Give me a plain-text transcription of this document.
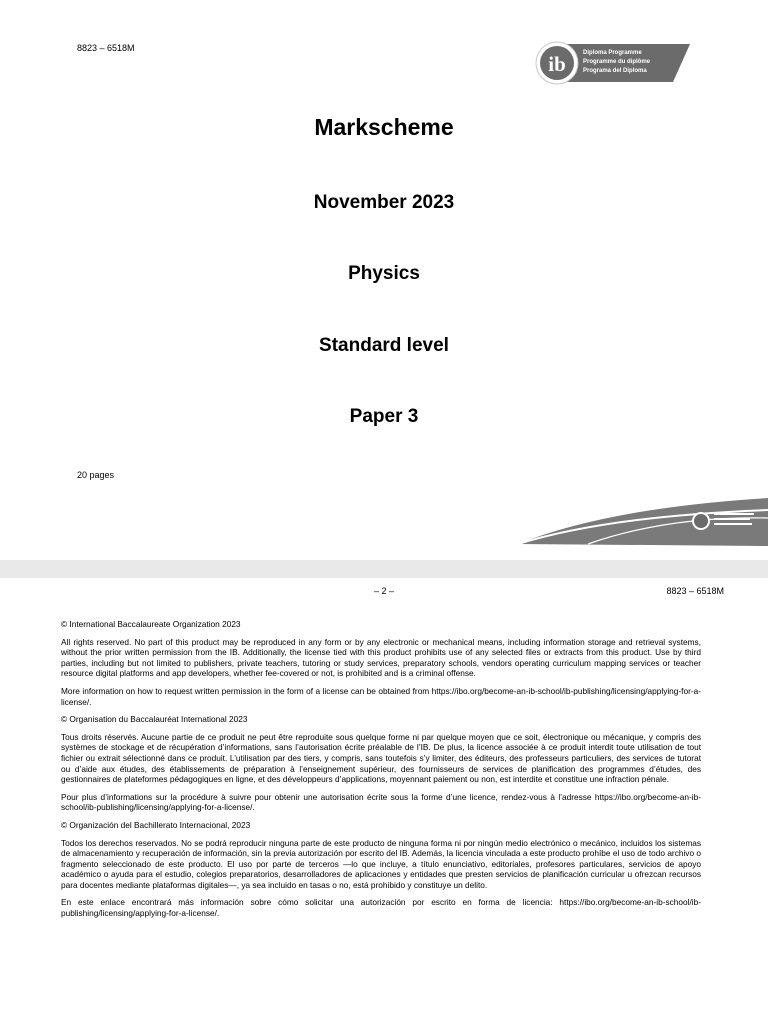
8823 – 6518M
ib	Diploma Programme
Programme du diplôme
Programa del Diploma
Markscheme
November 2023
Physics
Standard level
Paper 3
20 pages
– 2 –	8823 – 6518M

© International Baccalaureate Organization 2023

All rights reserved. No part of this product may be reproduced in any form or by any electronic or mechanical means, including information storage and retrieval systems, without the prior written permission from the IB. Additionally, the license tied with this product prohibits use of any selected files or extracts from this product. Use by third parties, including but not limited to publishers, private teachers, tutoring or study services, preparatory schools, vendors operating curriculum mapping services or teacher resource digital platforms and app developers, whether fee-covered or not, is prohibited and is a criminal offense.

More information on how to request written permission in the form of a license can be obtained from https://ibo.org/become-an-ib-school/ib-publishing/licensing/applying-for-a-license/.

© Organisation du Baccalauréat International 2023

Tous droits réservés. Aucune partie de ce produit ne peut être reproduite sous quelque forme ni par quelque moyen que ce soit, électronique ou mécanique, y compris des systèmes de stockage et de récupération d’informations, sans l’autorisation écrite préalable de l’IB. De plus, la licence associée à ce produit interdit toute utilisation de tout fichier ou extrait sélectionné dans ce produit. L’utilisation par des tiers, y compris, sans toutefois s’y limiter, des éditeurs, des professeurs particuliers, des services de tutorat ou d’aide aux études, des établissements de préparation à l’enseignement supérieur, des fournisseurs de services de planification des programmes d’études, des gestionnaires de plateformes pédagogiques en ligne, et des développeurs d’applications, moyennant paiement ou non, est interdite et constitue une infraction pénale.

Pour plus d’informations sur la procédure à suivre pour obtenir une autorisation écrite sous la forme d’une licence, rendez-vous à l’adresse https://ibo.org/become-an-ib-school/ib-publishing/licensing/applying-for-a-license/.

© Organización del Bachillerato Internacional, 2023

Todos los derechos reservados. No se podrá reproducir ninguna parte de este producto de ninguna forma ni por ningún medio electrónico o mecánico, incluidos los sistemas de almacenamiento y recuperación de información, sin la previa autorización por escrito del IB. Además, la licencia vinculada a este producto prohíbe el uso de todo archivo o fragmento seleccionado de este producto. El uso por parte de terceros —lo que incluye, a título enunciativo, editoriales, profesores particulares, servicios de apoyo académico o ayuda para el estudio, colegios preparatorios, desarrolladores de aplicaciones y entidades que presten servicios de planificación curricular u ofrezcan recursos para docentes mediante plataformas digitales—, ya sea incluido en tasas o no, está prohibido y constituye un delito.

En este enlace encontrará más información sobre cómo solicitar una autorización por escrito en forma de licencia: https://ibo.org/become-an-ib-school/ib-publishing/licensing/applying-for-a-license/.
